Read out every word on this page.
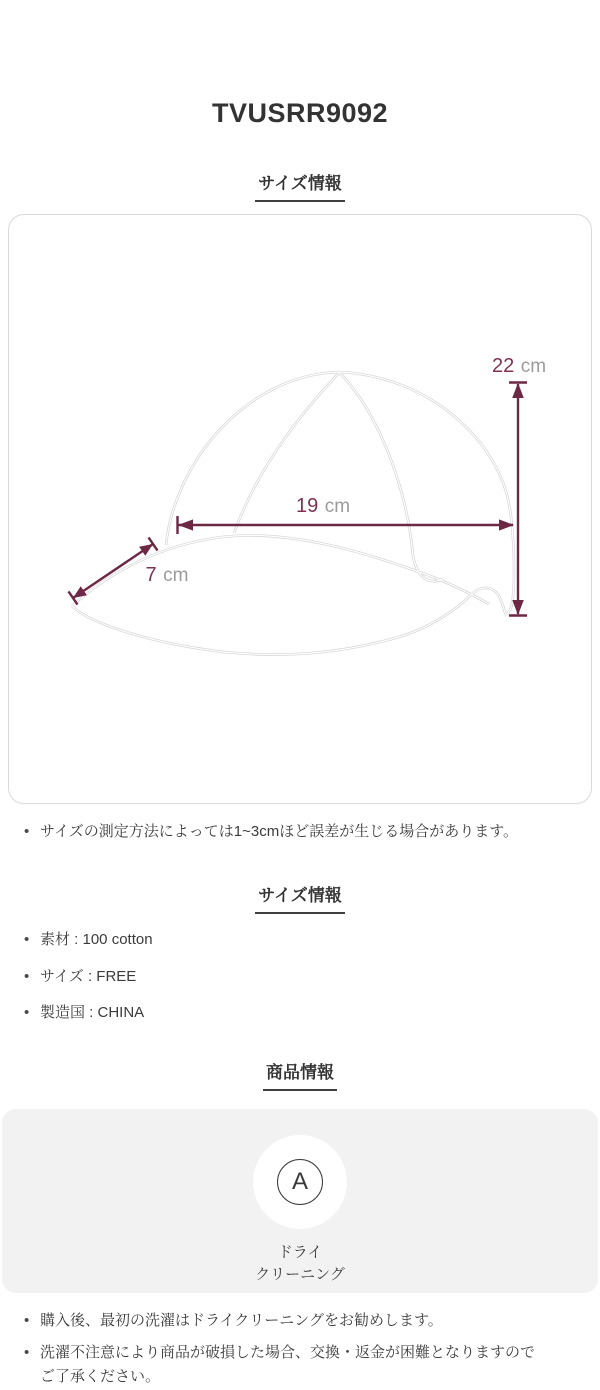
TVUSRR9092
サイズ情報
22 cm
19 cm
7 cm
• サイズの測定方法によっては1~3cmほど誤差が生じる場合があります。
サイズ情報
• 素材 : 100 cotton
• サイズ : FREE
• 製造国 : CHINA
商品情報
A
ドライ
クリーニング
• 購入後、最初の洗濯はドライクリーニングをお勧めします。
• 洗濯不注意により商品が破損した場合、交換・返金が困難となりますのでご了承ください。
